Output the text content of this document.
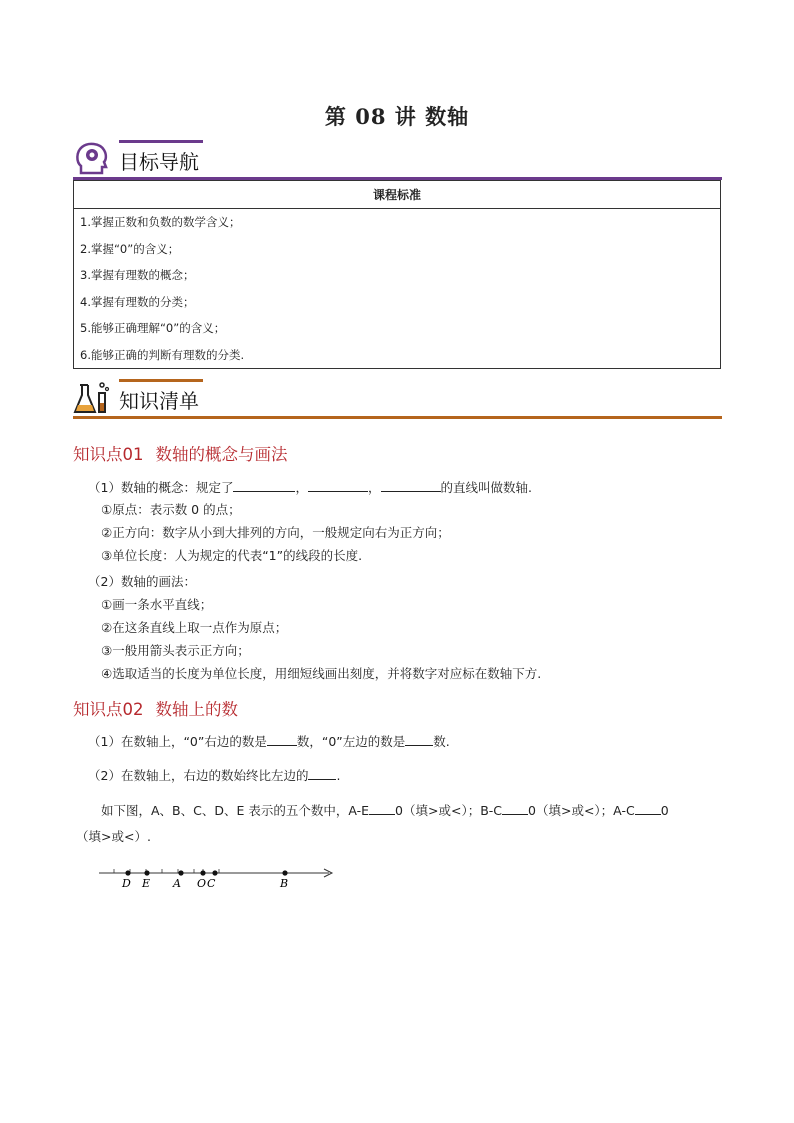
第 08 讲 数轴
目标导航
课程标准
1.掌握正数和负数的数学含义；
2.掌握“0”的含义；
3.掌握有理数的概念；
4.掌握有理数的分类；
5.能够正确理解“0”的含义；
6.能够正确的判断有理数的分类.
知识清单
知识点01 数轴的概念与画法
（1）数轴的概念：规定了	，	，	的直线叫做数轴.
①原点：表示数 0 的点；
②正方向：数字从小到大排列的方向，一般规定向右为正方向；
③单位长度：人为规定的代表“1”的线段的长度.
（2）数轴的画法：
①画一条水平直线；
②在这条直线上取一点作为原点；
③一般用箭头表示正方向；
④选取适当的长度为单位长度，用细短线画出刻度，并将数字对应标在数轴下方.
知识点02 数轴上的数
（1）在数轴上，“0”右边的数是 数，“0”左边的数是 数.
（2）在数轴上，右边的数始终比左边的 .
如下图，A、B、C、D、E 表示的五个数中，A-E 0（填>或<）；B-C 0（填>或<）；A-C 0
（填>或<）.
D E A O C	B
